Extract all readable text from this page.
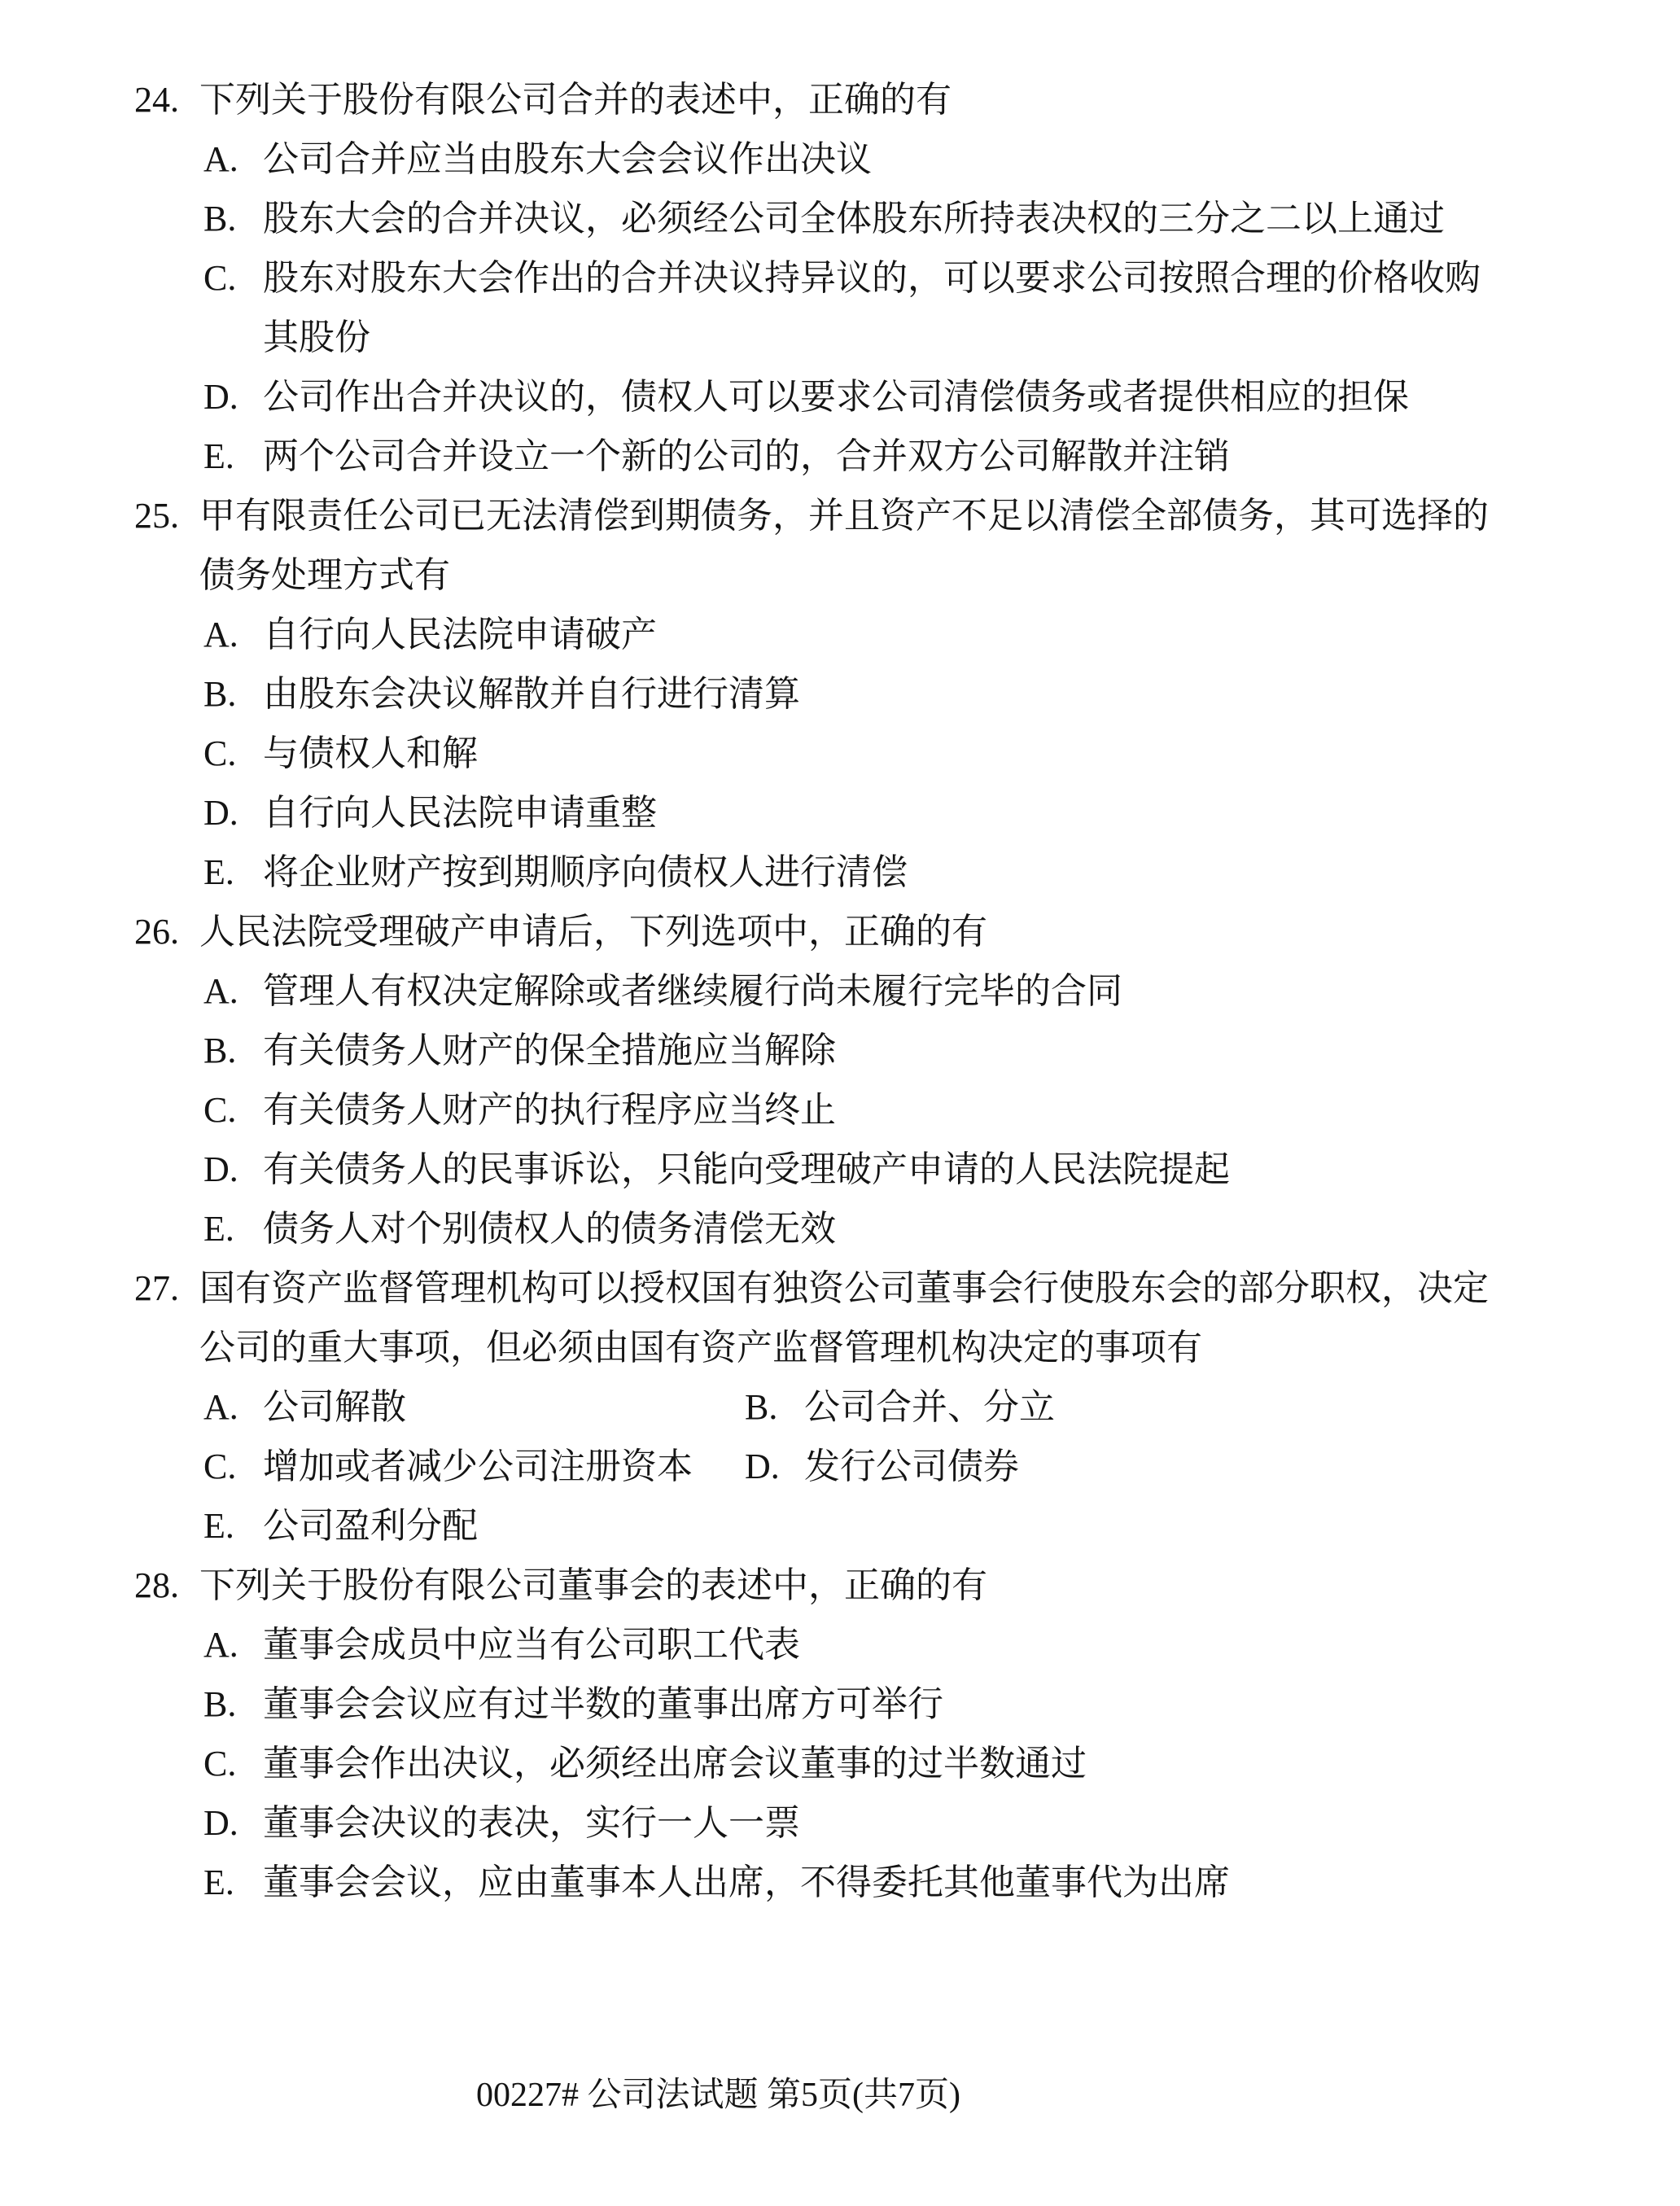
24. 下列关于股份有限公司合并的表述中，正确的有
A. 公司合并应当由股东大会会议作出决议
B. 股东大会的合并决议，必须经公司全体股东所持表决权的三分之二以上通过
C. 股东对股东大会作出的合并决议持异议的，可以要求公司按照合理的价格收购
其股份
D. 公司作出合并决议的，债权人可以要求公司清偿债务或者提供相应的担保
E. 两个公司合并设立一个新的公司的，合并双方公司解散并注销
25. 甲有限责任公司已无法清偿到期债务，并且资产不足以清偿全部债务，其可选择的
债务处理方式有
A. 自行向人民法院申请破产
B. 由股东会决议解散并自行进行清算
C. 与债权人和解
D. 自行向人民法院申请重整
E. 将企业财产按到期顺序向债权人进行清偿
26. 人民法院受理破产申请后，下列选项中，正确的有
A. 管理人有权决定解除或者继续履行尚未履行完毕的合同
B. 有关债务人财产的保全措施应当解除
C. 有关债务人财产的执行程序应当终止
D. 有关债务人的民事诉讼，只能向受理破产申请的人民法院提起
E. 债务人对个别债权人的债务清偿无效
27. 国有资产监督管理机构可以授权国有独资公司董事会行使股东会的部分职权，决定
公司的重大事项，但必须由国有资产监督管理机构决定的事项有
A. 公司解散	B. 公司合并、分立
C. 增加或者减少公司注册资本 D. 发行公司债券
E. 公司盈利分配
28. 下列关于股份有限公司董事会的表述中，正确的有
A. 董事会成员中应当有公司职工代表
B. 董事会会议应有过半数的董事出席方可举行
C. 董事会作出决议，必须经出席会议董事的过半数通过
D. 董事会决议的表决，实行一人一票
E. 董事会会议，应由董事本人出席，不得委托其他董事代为出席
00227# 公司法试题 第5页(共7页)
